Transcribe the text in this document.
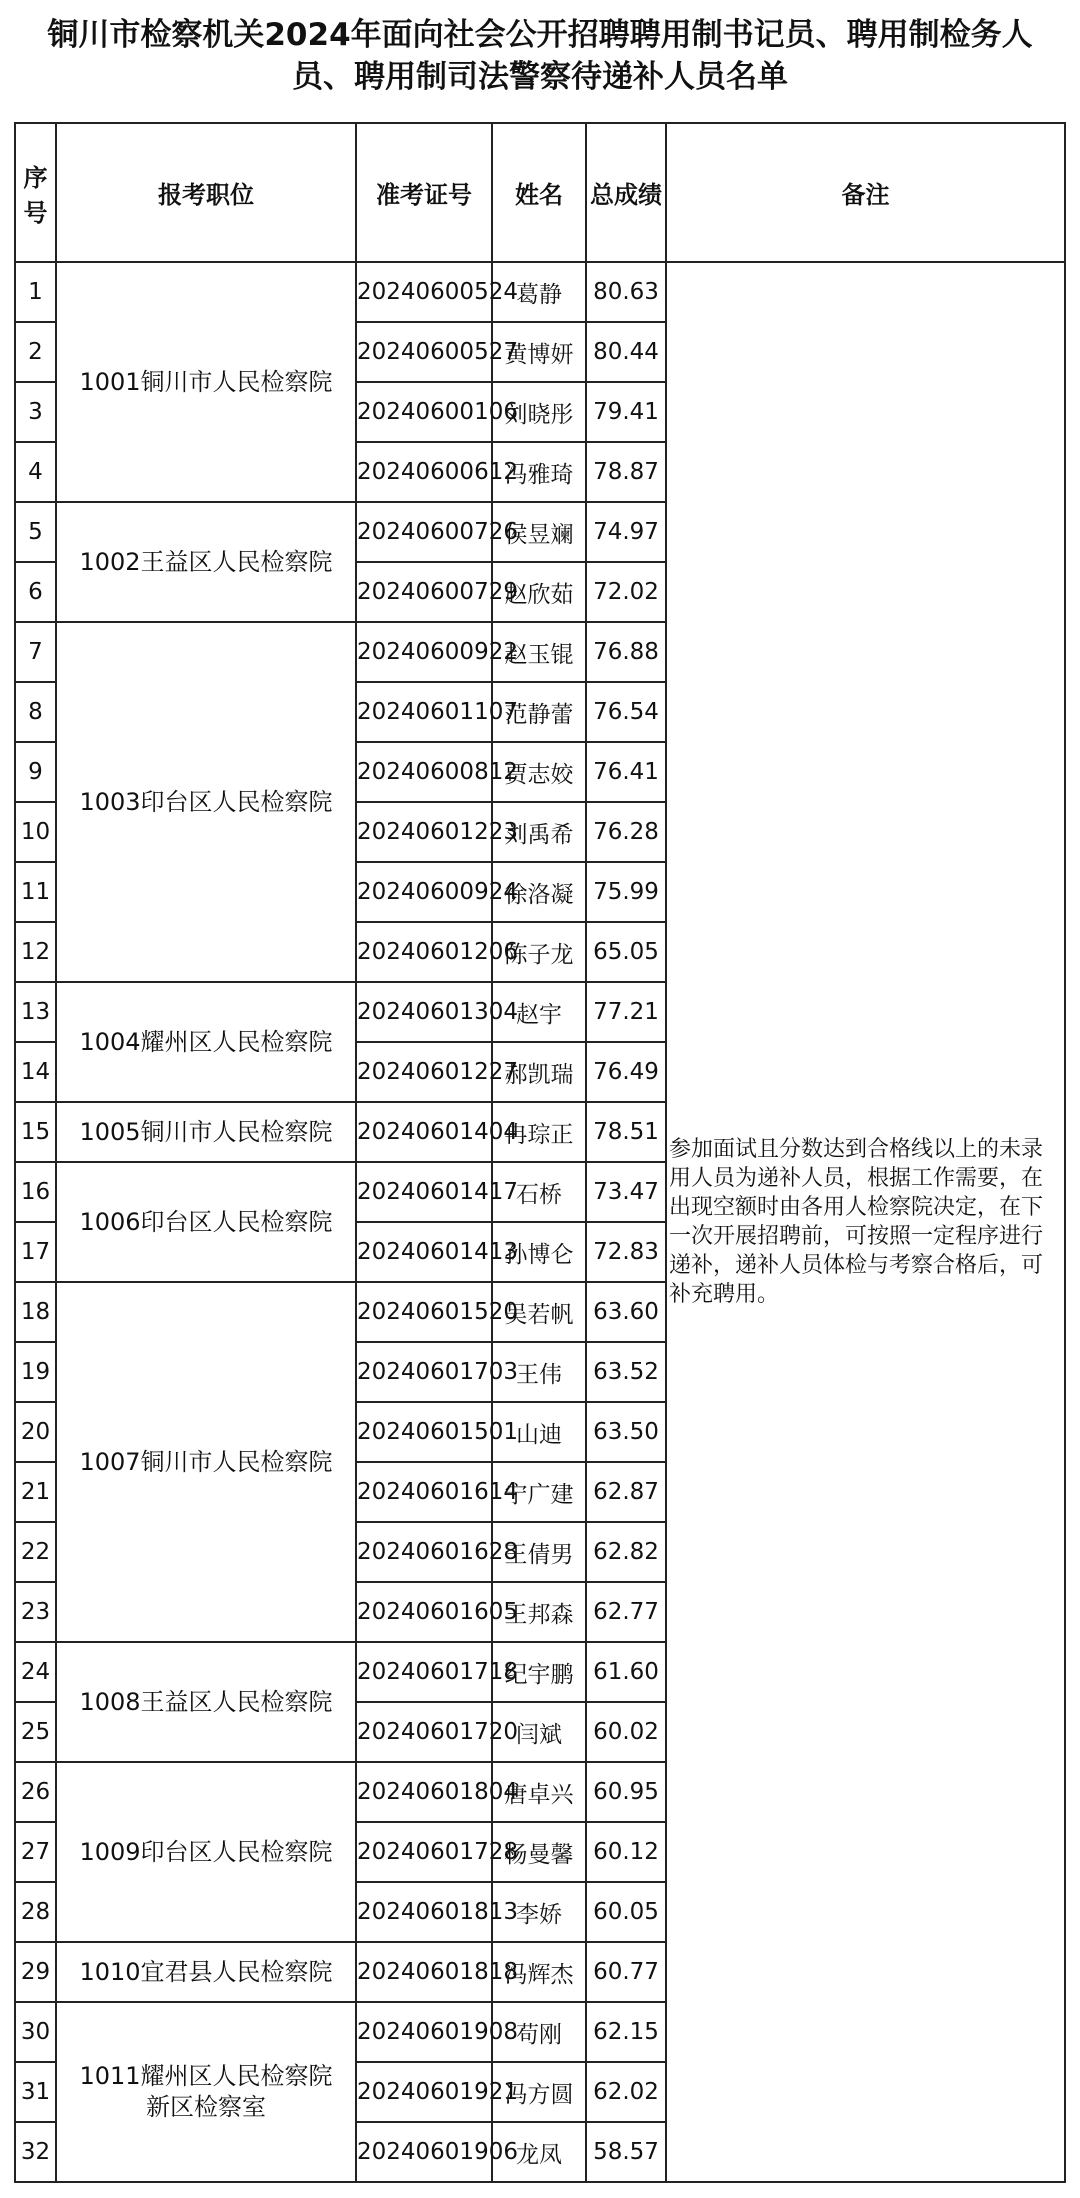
铜川市检察机关2024年面向社会公开招聘聘用制书记员、聘用制检务人
员、聘用制司法警察待递补人员名单
序号	报考职位	准考证号	姓名	总成绩	备注
1	1001铜川市人民检察院	20240600524	葛静	80.63	参加面试且分数达到合格线以上的未录用人员为递补人员，根据工作需要，在出现空额时由各用人检察院决定，在下一次开展招聘前，可按照一定程序进行递补，递补人员体检与考察合格后，可补充聘用。
2		20240600527	黄博妍	80.44	
3		20240600106	刘晓彤	79.41	
4		20240600612	冯雅琦	78.87	
5	1002王益区人民检察院	20240600726	侯昱斓	74.97	
6		20240600729	赵欣茹	72.02	
7	1003印台区人民检察院	20240600922	赵玉锟	76.88	
8		20240601107	范静蕾	76.54	
9		20240600812	贾志姣	76.41	
10		20240601223	刘禹希	76.28	
11		20240600924	徐洛凝	75.99	
12		20240601206	陈子龙	65.05	
13	1004耀州区人民检察院	20240601304	赵宇	77.21	
14		20240601227	郝凯瑞	76.49	
15	1005铜川市人民检察院	20240601404	冉琮正	78.51	
16	1006印台区人民检察院	20240601417	石桥	73.47	
17		20240601413	孙博仑	72.83	
18	1007铜川市人民检察院	20240601520	吴若帆	63.60	
19		20240601703	王伟	63.52	
20		20240601501	山迪	63.50	
21		20240601614	宁广建	62.87	
22		20240601628	王倩男	62.82	
23		20240601605	王邦森	62.77	
24	1008王益区人民检察院	20240601718	纪宇鹏	61.60	
25		20240601720	闫斌	60.02	
26	1009印台区人民检察院	20240601804	唐卓兴	60.95	
27		20240601728	杨曼馨	60.12	
28		20240601813	李娇	60.05	
29	1010宜君县人民检察院	20240601818	冯辉杰	60.77	
30	1011耀州区人民检察院
新区检察室	20240601908	苟刚	62.15	
31		20240601921	冯方圆	62.02	
32		20240601906	龙凤	58.57	
